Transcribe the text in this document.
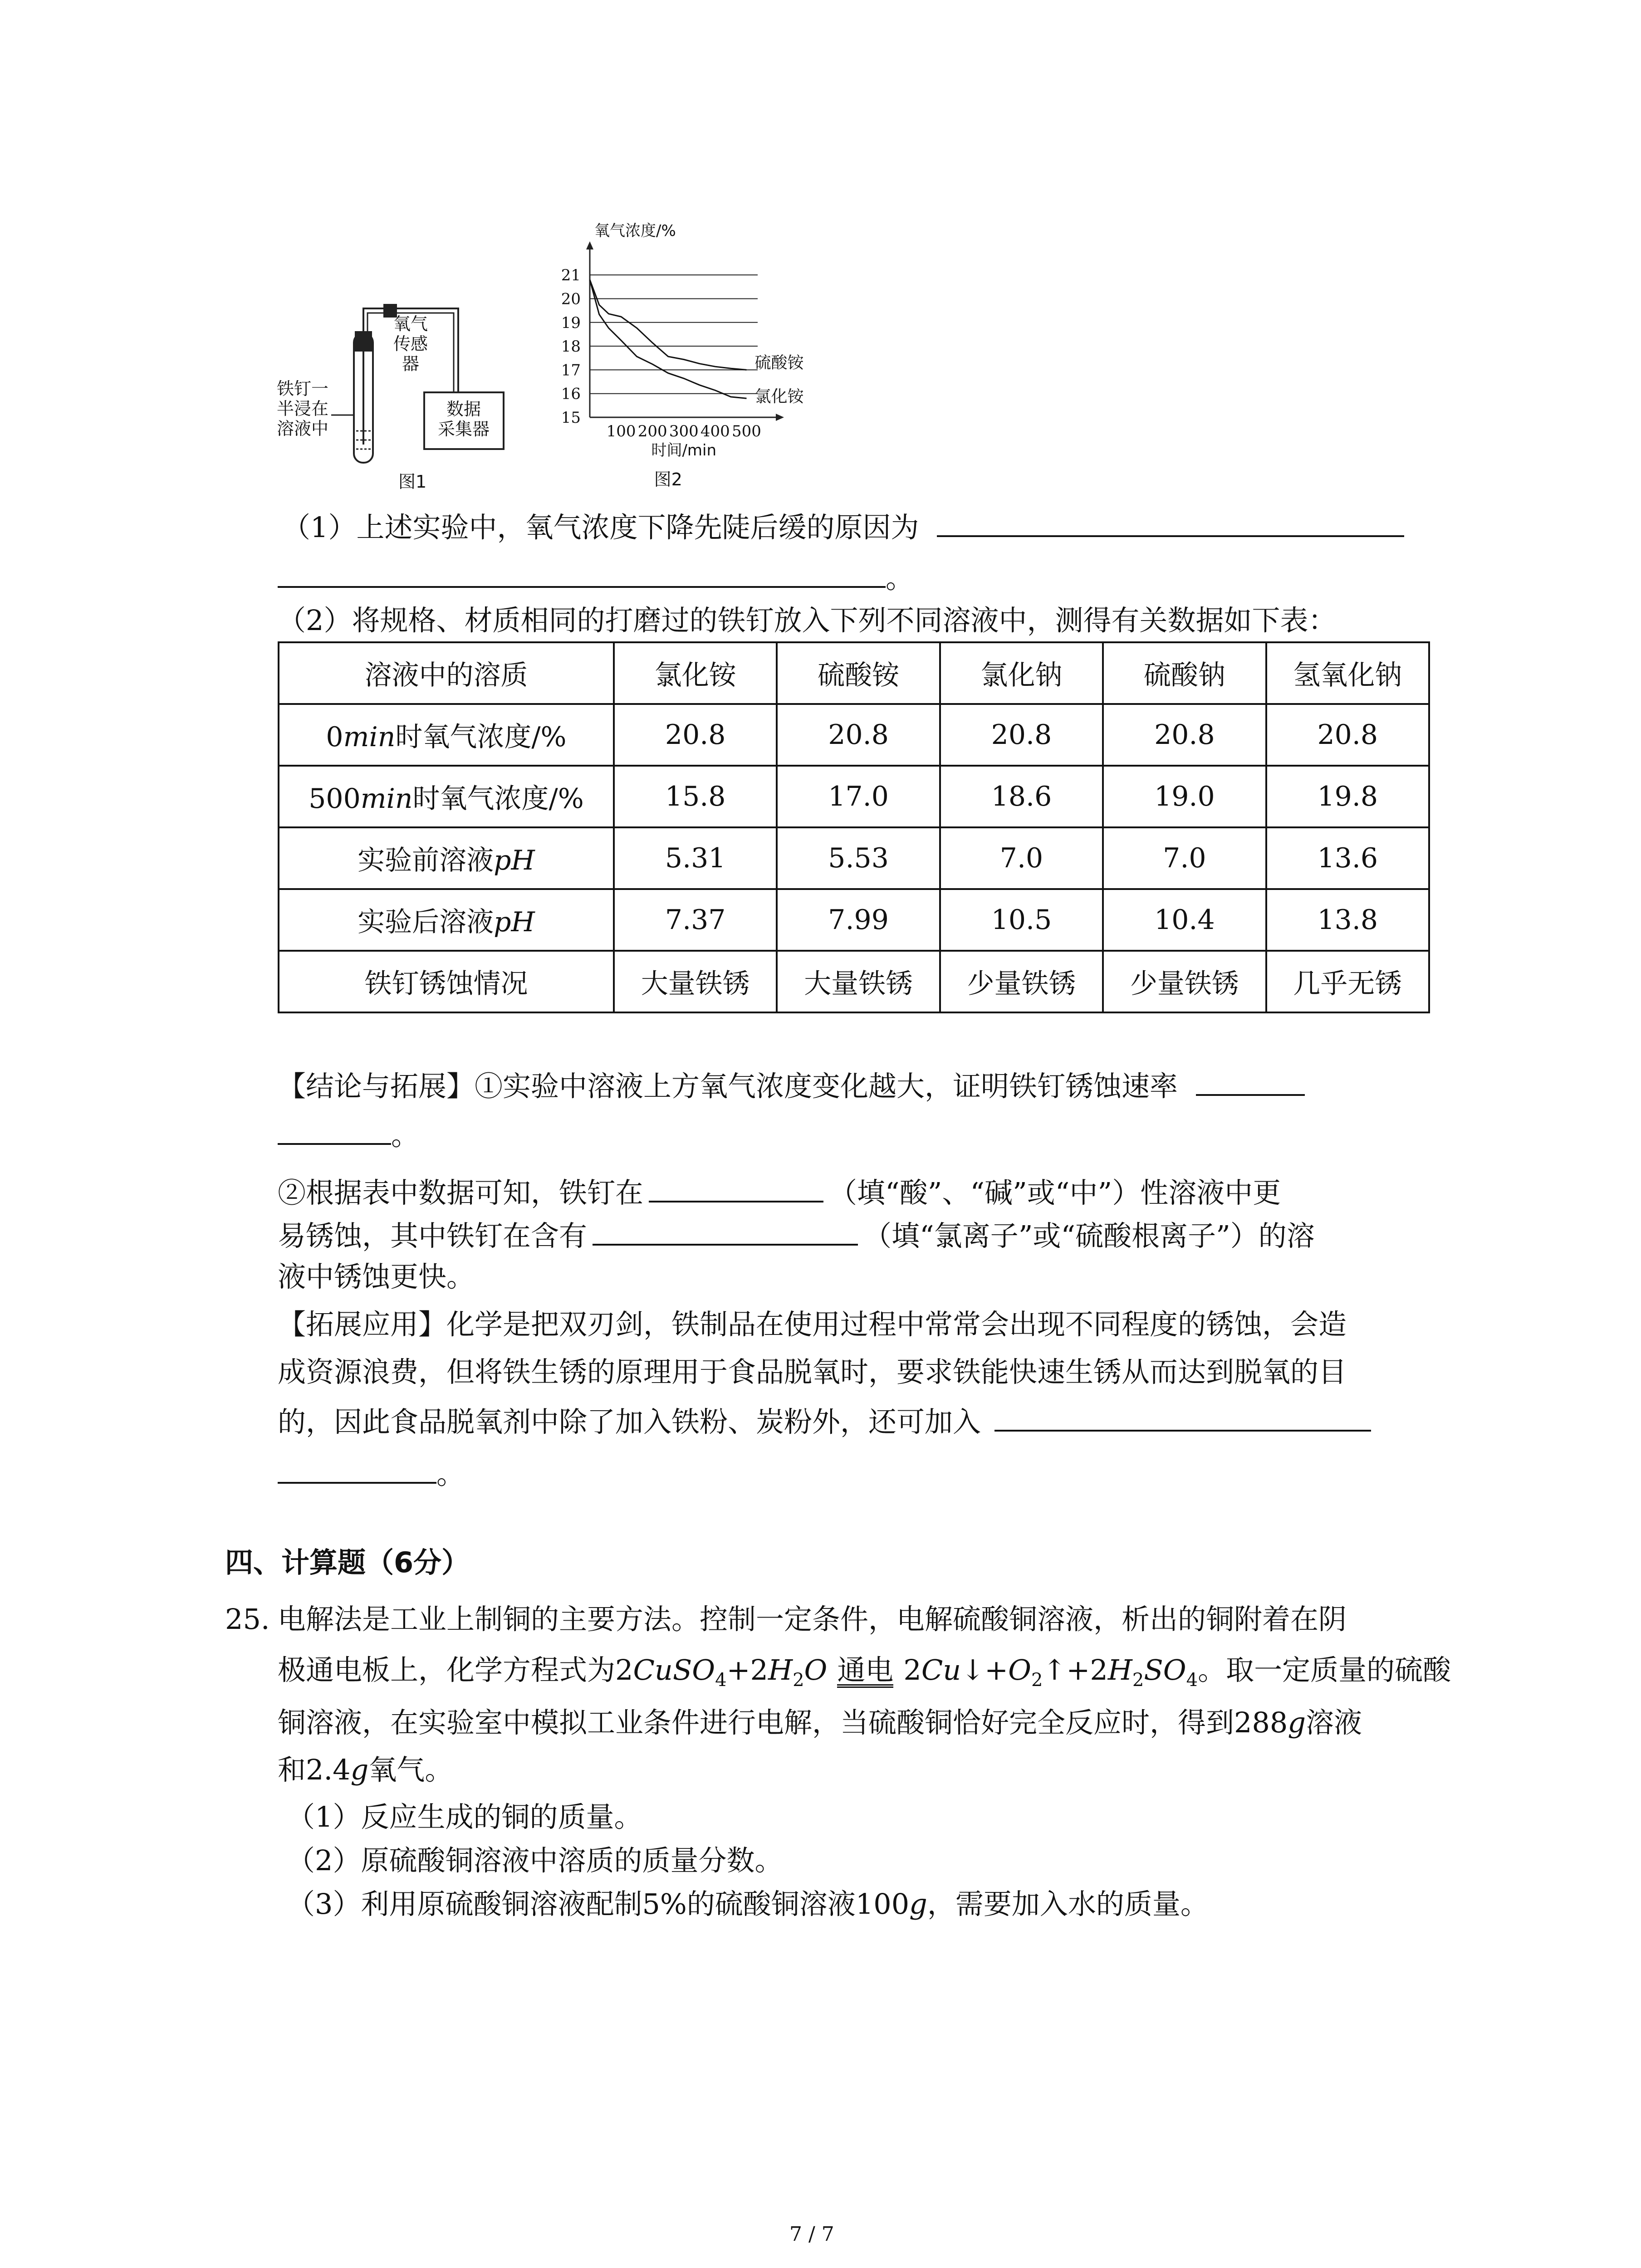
氧气
传感器
数据
采集器
铁钉一
半浸在
溶液中
图1
15
16
17
18
19
20
21
100 200 300 400 500
氧气浓度/%
时间/min
硫酸铵
氯化铵
图2
（1）上述实验中，氧气浓度下降先陡后缓的原因为
。
（2）将规格、材质相同的打磨过的铁钉放入下列不同溶液中，测得有关数据如下表：
溶液中的溶质	氯化铵	硫酸铵	氯化钠	硫酸钠	氢氧化钠
0min时氧气浓度/%	20.8	20.8	20.8	20.8	20.8
500min时氧气浓度/%	15.8	17.0	18.6	19.0	19.8
实验前溶液pH	5.31	5.53	7.0	7.0	13.6
实验后溶液pH	7.37	7.99	10.5	10.4	13.8
铁钉锈蚀情况	大量铁锈	大量铁锈	少量铁锈	少量铁锈	几乎无锈
【结论与拓展】①实验中溶液上方氧气浓度变化越大，证明铁钉锈蚀速率
。
②根据表中数据可知，铁钉在	（填“酸”、“碱”或“中”）性溶液中更
易锈蚀，其中铁钉在含有	（填“氯离子”或“硫酸根离子”）的溶
液中锈蚀更快。
【拓展应用】化学是把双刃剑，铁制品在使用过程中常常会出现不同程度的锈蚀，会造
成资源浪费，但将铁生锈的原理用于食品脱氧时，要求铁能快速生锈从而达到脱氧的目
的，因此食品脱氧剂中除了加入铁粉、炭粉外，还可加入
。
四、计算题（6分）
25. 电解法是工业上制铜的主要方法。控制一定条件，电解硫酸铜溶液，析出的铜附着在阴
极通电板上，化学方程式为$2CuSO_4+2H_2O$ 通电 $2Cu↓+O_2↑+2H_2SO_4$。取一定质量的硫酸
铜溶液，在实验室中模拟工业条件进行电解，当硫酸铜恰好完全反应时，得到288g溶液
和2.4g氧气。
（1）反应生成的铜的质量。
（2）原硫酸铜溶液中溶质的质量分数。
（3）利用原硫酸铜溶液配制5%的硫酸铜溶液100g，需要加入水的质量。
7 / 7
